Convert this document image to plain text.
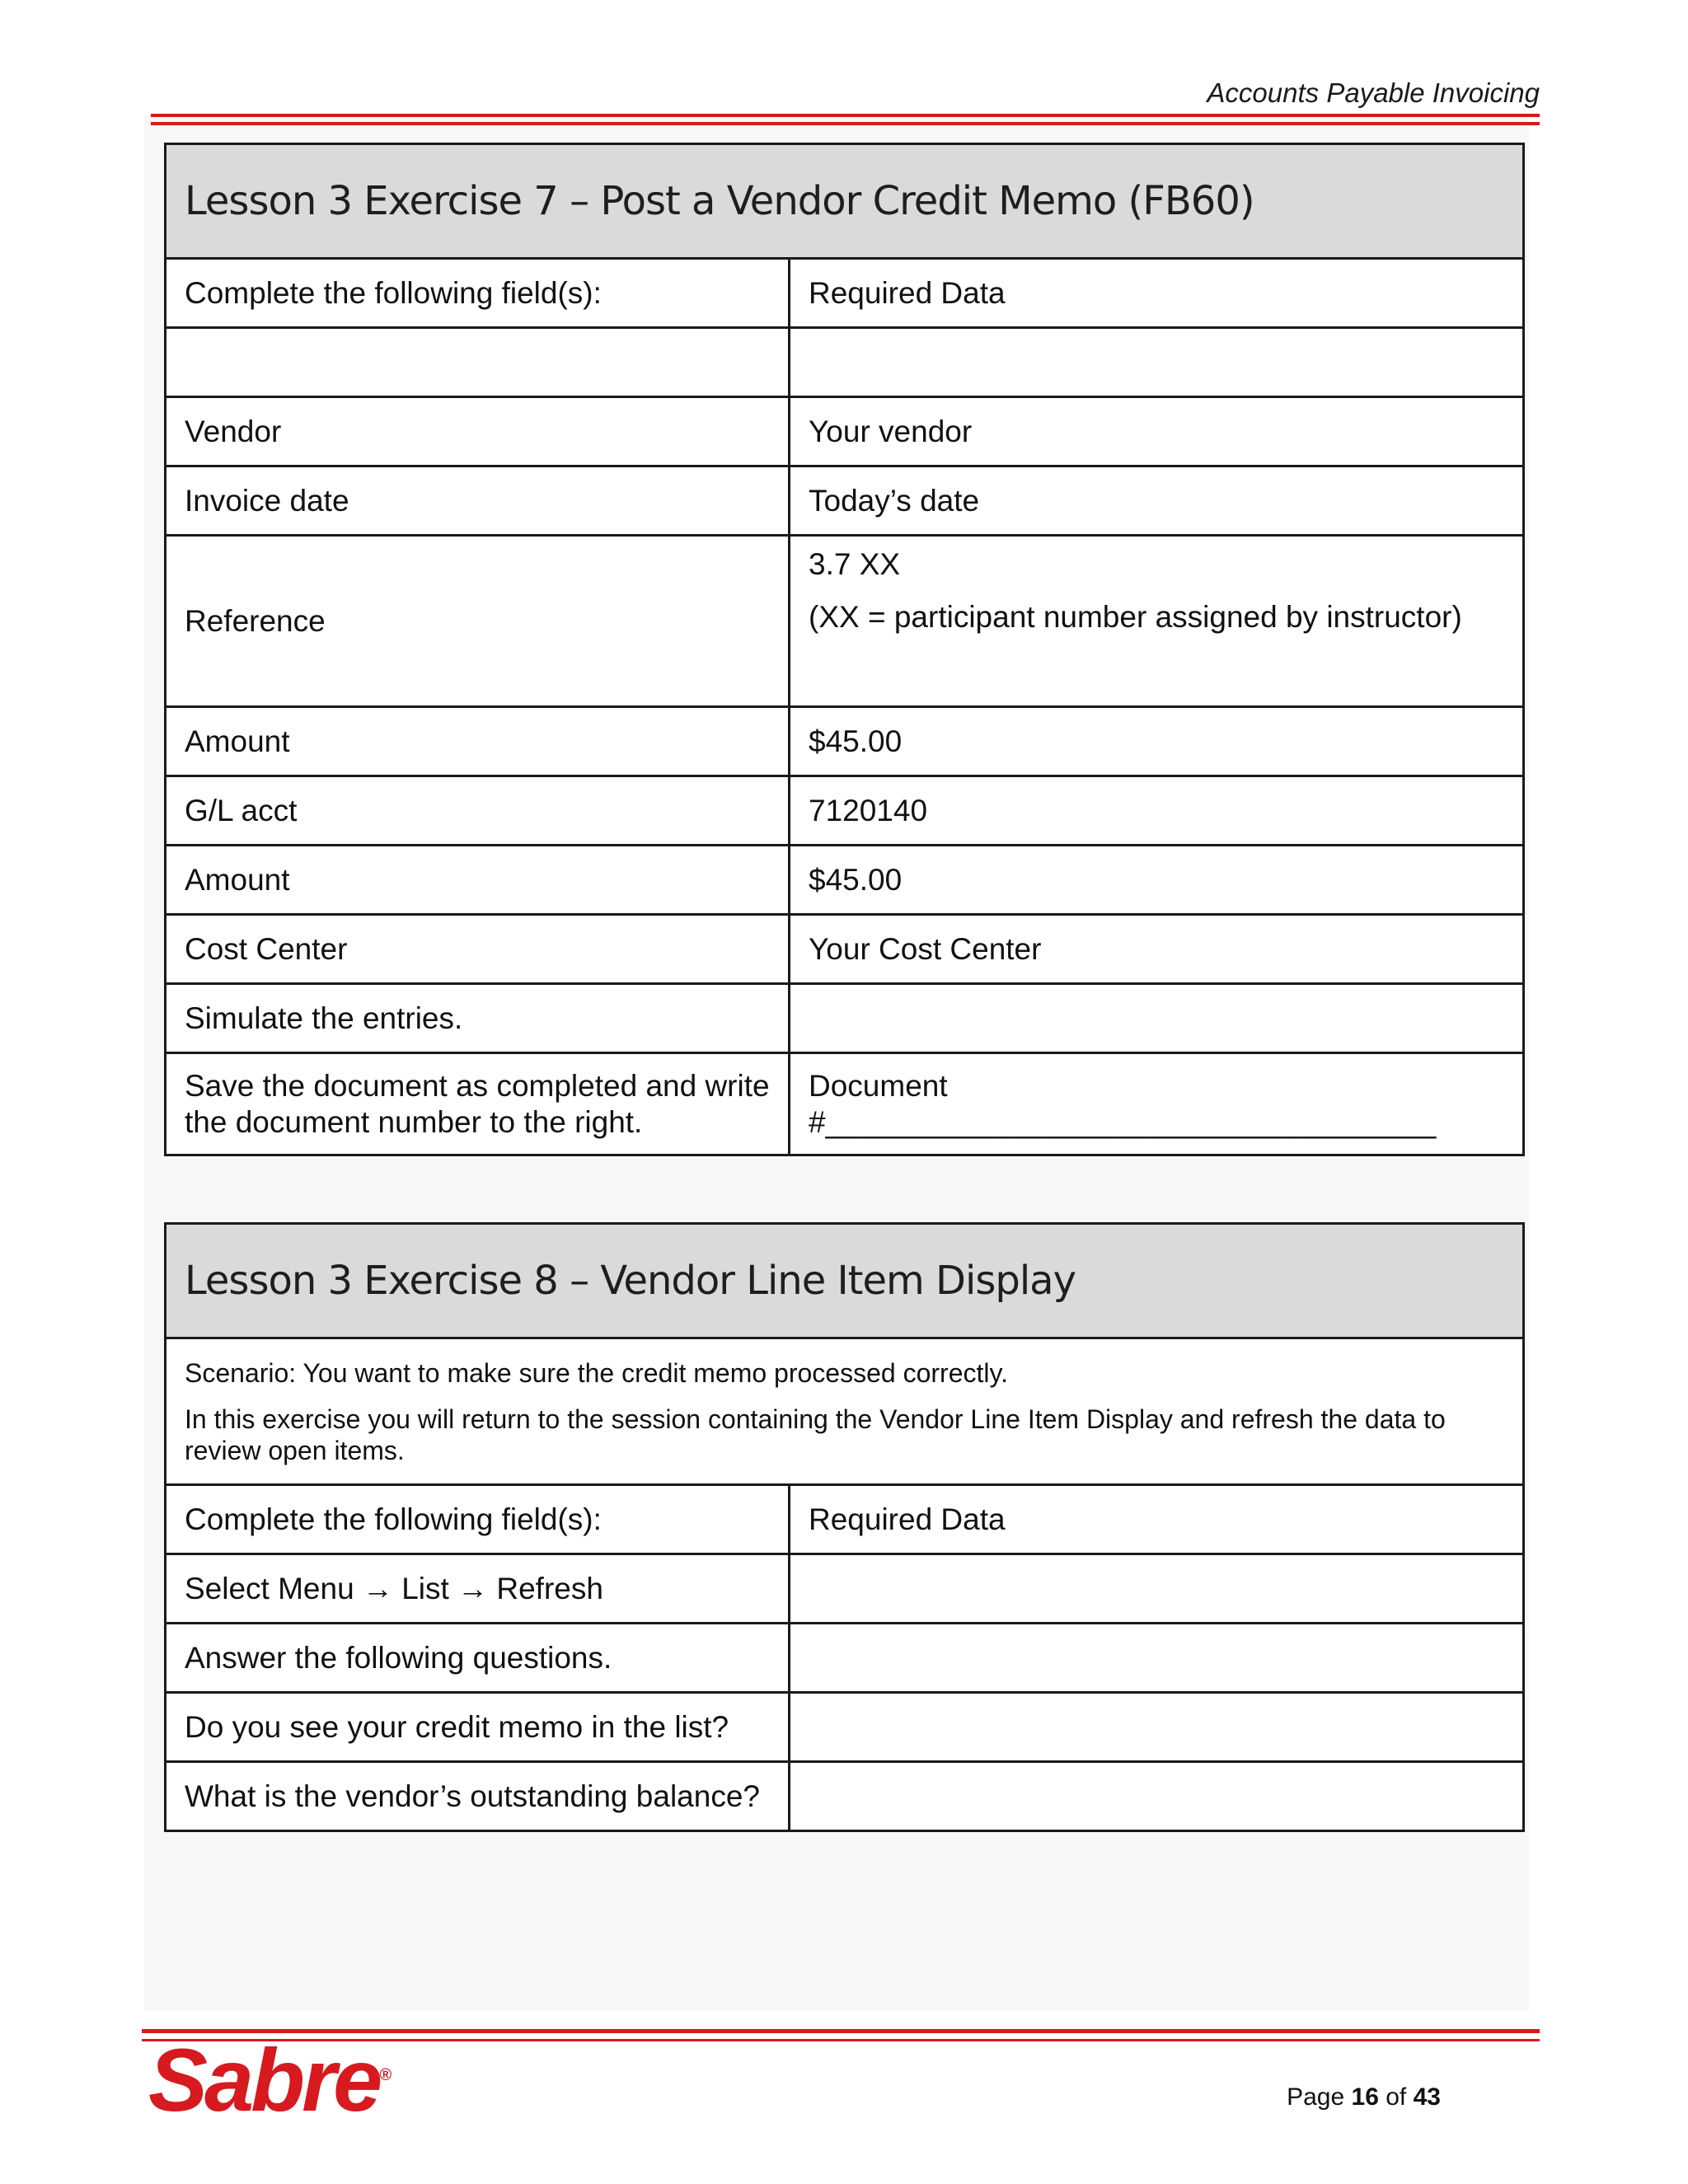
Accounts Payable Invoicing
Lesson 3 Exercise 7 – Post a Vendor Credit Memo (FB60)	
Complete the following field(s):	Required Data

Vendor	Your vendor
Invoice date	Today’s date
Reference	3.7 XX
(XX = participant number assigned by instructor)

Amount	$45.00
G/L acct	7120140
Amount	$45.00
Cost Center	Your Cost Center
Simulate the entries.	
Save the document as completed and write the document number to the right.	Document #____________________________________
Lesson 3 Exercise 8 – Vendor Line Item Display	

Scenario: You want to make sure the credit memo processed correctly.

In this exercise you will return to the session containing the Vendor Line Item Display and refresh the data to review open items.	

Complete the following field(s):	Required Data
Select Menu → List → Refresh	
Answer the following questions.	
Do you see your credit memo in the list?	
What is the vendor’s outstanding balance?	
Sabre®
Page 16 of 43
